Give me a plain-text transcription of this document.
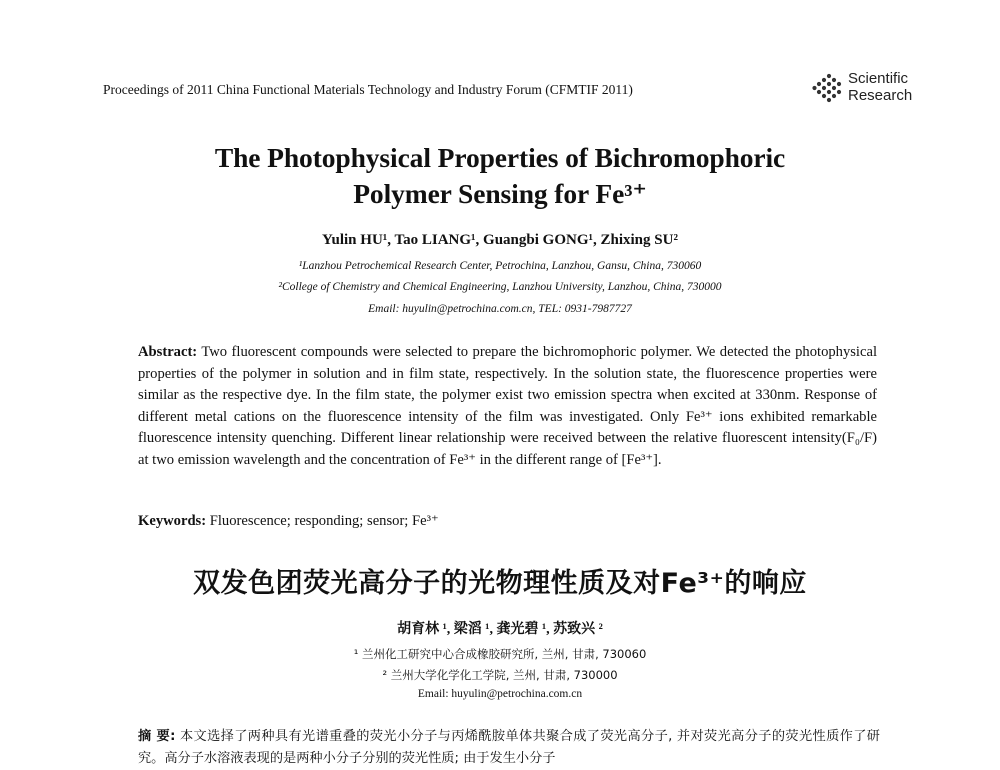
Proceedings of 2011 China Functional Materials Technology and Industry Forum (CFMTIF 2011)
Scientific
Research
The Photophysical Properties of Bichromophoric
Polymer Sensing for Fe³⁺
Yulin HU¹, Tao LIANG¹, Guangbi GONG¹, Zhixing SU²
¹Lanzhou Petrochemical Research Center, Petrochina, Lanzhou, Gansu, China, 730060
²College of Chemistry and Chemical Engineering, Lanzhou University, Lanzhou, China, 730000
Email: huyulin@petrochina.com.cn, TEL: 0931-7987727
Abstract: Two fluorescent compounds were selected to prepare the bichromophoric polymer. We detected the photophysical properties of the polymer in solution and in film state, respectively. In the solution state, the fluorescence properties were similar as the respective dye. In the film state, the polymer exist two emission spectra when excited at 330nm. Response of different metal cations on the fluorescence intensity of the film was investigated. Only Fe³⁺ ions exhibited remarkable fluorescence intensity quenching. Different linear relationship were received between the relative fluorescent intensity(F₀/F) at two emission wavelength and the concentration of Fe³⁺ in the different range of [Fe³⁺].
Keywords: Fluorescence; responding; sensor; Fe³⁺
双发色团荧光高分子的光物理性质及对Fe³⁺的响应
胡育林 ¹, 梁滔 ¹, 龚光碧 ¹, 苏致兴 ²
¹ 兰州化工研究中心合成橡胶研究所, 兰州, 甘肃, 730060
² 兰州大学化学化工学院, 兰州, 甘肃, 730000
Email: huyulin@petrochina.com.cn
摘 要: 本文选择了两种具有光谱重叠的荧光小分子与丙烯酰胺单体共聚合成了荧光高分子, 并对荧光高分子的荧光性质作了研究。高分子水溶液表现的是两种小分子分别的荧光性质; 由于发生小分子
